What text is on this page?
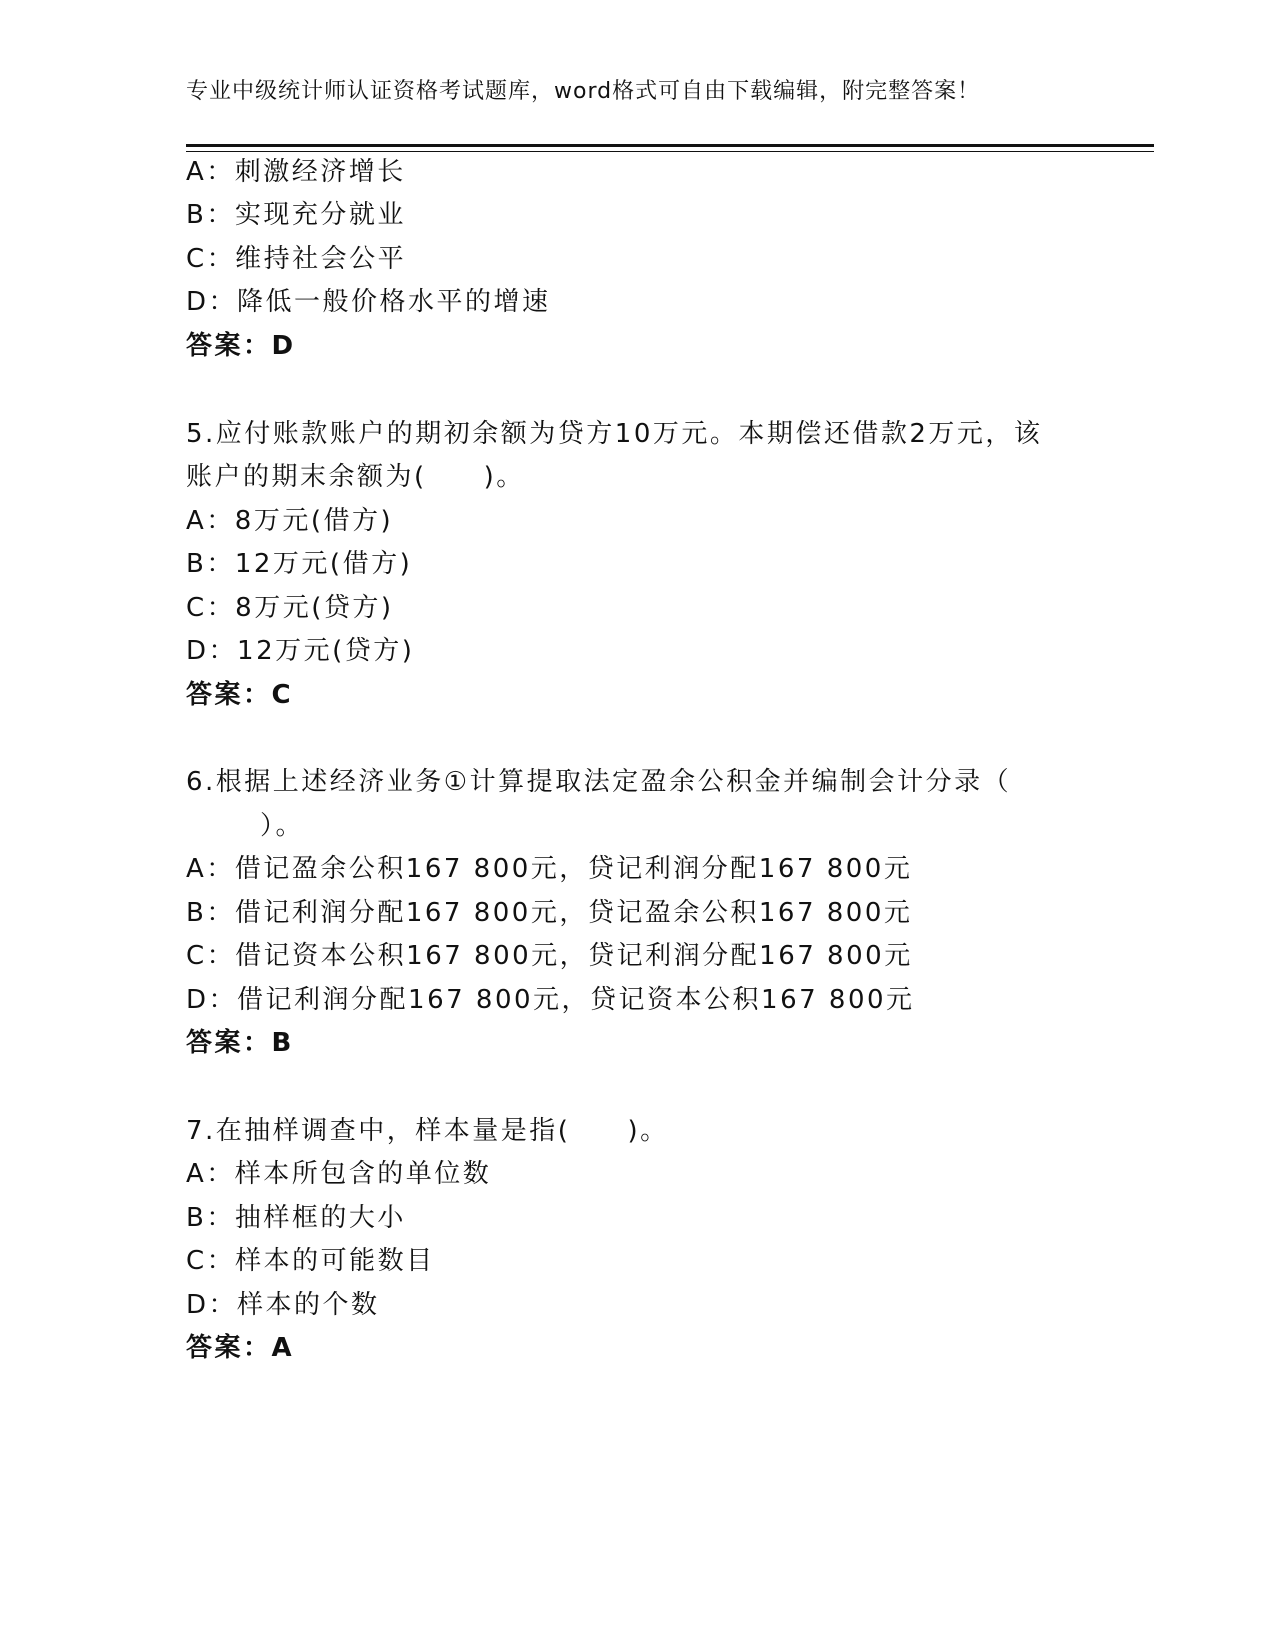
专业中级统计师认证资格考试题库，word格式可自由下载编辑，附完整答案！
A：刺激经济增长
B：实现充分就业
C：维持社会公平
D：降低一般价格水平的增速
答案：D
5.应付账款账户的期初余额为贷方10万元。本期偿还借款2万元，该
账户的期末余额为(　　)。
A：8万元(借方)
B：12万元(借方)
C：8万元(贷方)
D：12万元(贷方)
答案：C
6.根据上述经济业务①计算提取法定盈余公积金并编制会计分录（
）。
A：借记盈余公积167 800元，贷记利润分配167 800元
B：借记利润分配167 800元，贷记盈余公积167 800元
C：借记资本公积167 800元，贷记利润分配167 800元
D：借记利润分配167 800元，贷记资本公积167 800元
答案：B
7.在抽样调查中，样本量是指(　　)。
A：样本所包含的单位数
B：抽样框的大小
C：样本的可能数目
D：样本的个数
答案：A
